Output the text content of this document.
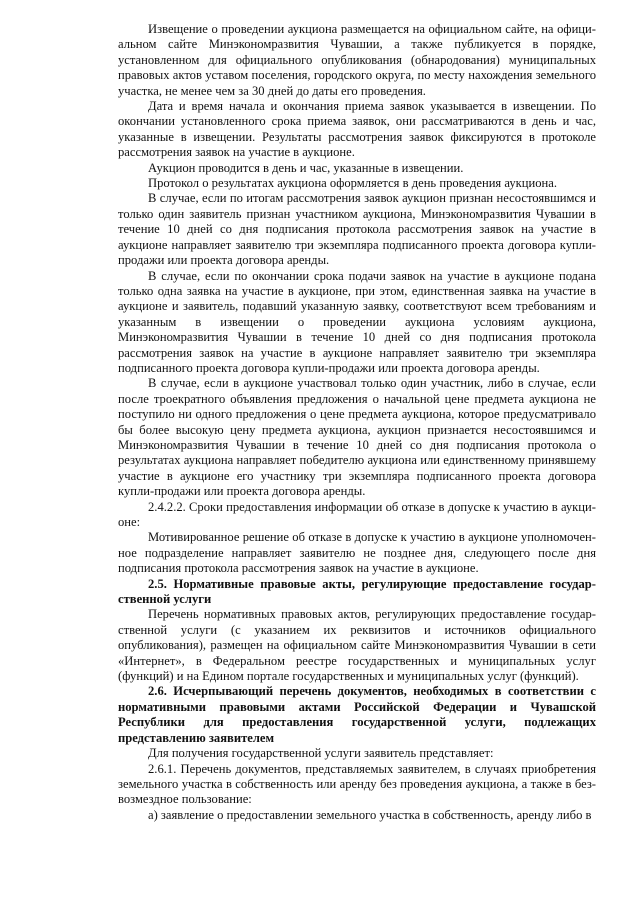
Извещение о проведении аукциона размещается на официальном сайте, на официальном сайте Минэкономразвития Чувашии, а также публикуется в порядке, установленном для официального опубликования (обнародования) муниципальных правовых актов уставом поселения, городского округа, по месту нахождения земельного участка, не менее чем за 30 дней до даты его проведения.

Дата и время начала и окончания приема заявок указывается в извещении. По окончании установленного срока приема заявок, они рассматриваются в день и час, указанные в извещении. Результаты рассмотрения заявок фиксируются в протоколе рассмотрения заявок на участие в аукционе.

Аукцион проводится в день и час, указанные в извещении.

Протокол о результатах аукциона оформляется в день проведения аукциона.

В случае, если по итогам рассмотрения заявок аукцион признан несостоявшимся и только один заявитель признан участником аукциона, Минэкономразвития Чувашии в течение 10 дней со дня подписания протокола рассмотрения заявок на участие в аукционе направляет заявителю три экземпляра подписанного проекта договора купли-продажи или проекта договора аренды.

В случае, если по окончании срока подачи заявок на участие в аукционе подана только одна заявка на участие в аукционе, при этом, единственная заявка на участие в аукционе и заявитель, подавший указанную заявку, соответствуют всем требованиям и указанным в извещении о проведении аукциона условиям аукциона, Минэкономразвития Чувашии в течение 10 дней со дня подписания протокола рассмотрения заявок на участие в аукционе направляет заявителю три экземпляра подписанного проекта договора купли-продажи или проекта договора аренды.

В случае, если в аукционе участвовал только один участник, либо в случае, если после троекратного объявления предложения о начальной цене предмета аукциона не поступило ни одного предложения о цене предмета аукциона, которое предусматривало бы более высокую цену предмета аукциона, аукцион признается несостоявшимся и Минэкономразвития Чувашии в течение 10 дней со дня подписания протокола о результатах аукциона направляет победителю аукциона или единственному принявшему участие в аукционе его участнику три экземпляра подписанного проекта договора купли-продажи или проекта договора аренды.

2.4.2.2. Сроки предоставления информации об отказе в допуске к участию в аукционе:

Мотивированное решение об отказе в допуске к участию в аукционе уполномоченное подразделение направляет заявителю не позднее дня, следующего после дня подписания протокола рассмотрения заявок на участие в аукционе.

2.5. Нормативные правовые акты, регулирующие предоставление государственной услуги

Перечень нормативных правовых актов, регулирующих предоставление государственной услуги (с указанием их реквизитов и источников официального опубликования), размещен на официальном сайте Минэкономразвития Чувашии в сети «Интернет», в Федеральном реестре государственных и муниципальных услуг (функций) и на Едином портале государственных и муниципальных услуг (функций).

2.6. Исчерпывающий перечень документов, необходимых в соответствии с нормативными правовыми актами Российской Федерации и Чувашской Республики для предоставления государственной услуги, подлежащих представлению заявителем

Для получения государственной услуги заявитель представляет:

2.6.1. Перечень документов, представляемых заявителем, в случаях приобретения земельного участка в собственность или аренду без проведения аукциона, а также в безвозмездное пользование:

а) заявление о предоставлении земельного участка в собственность, аренду либо в
